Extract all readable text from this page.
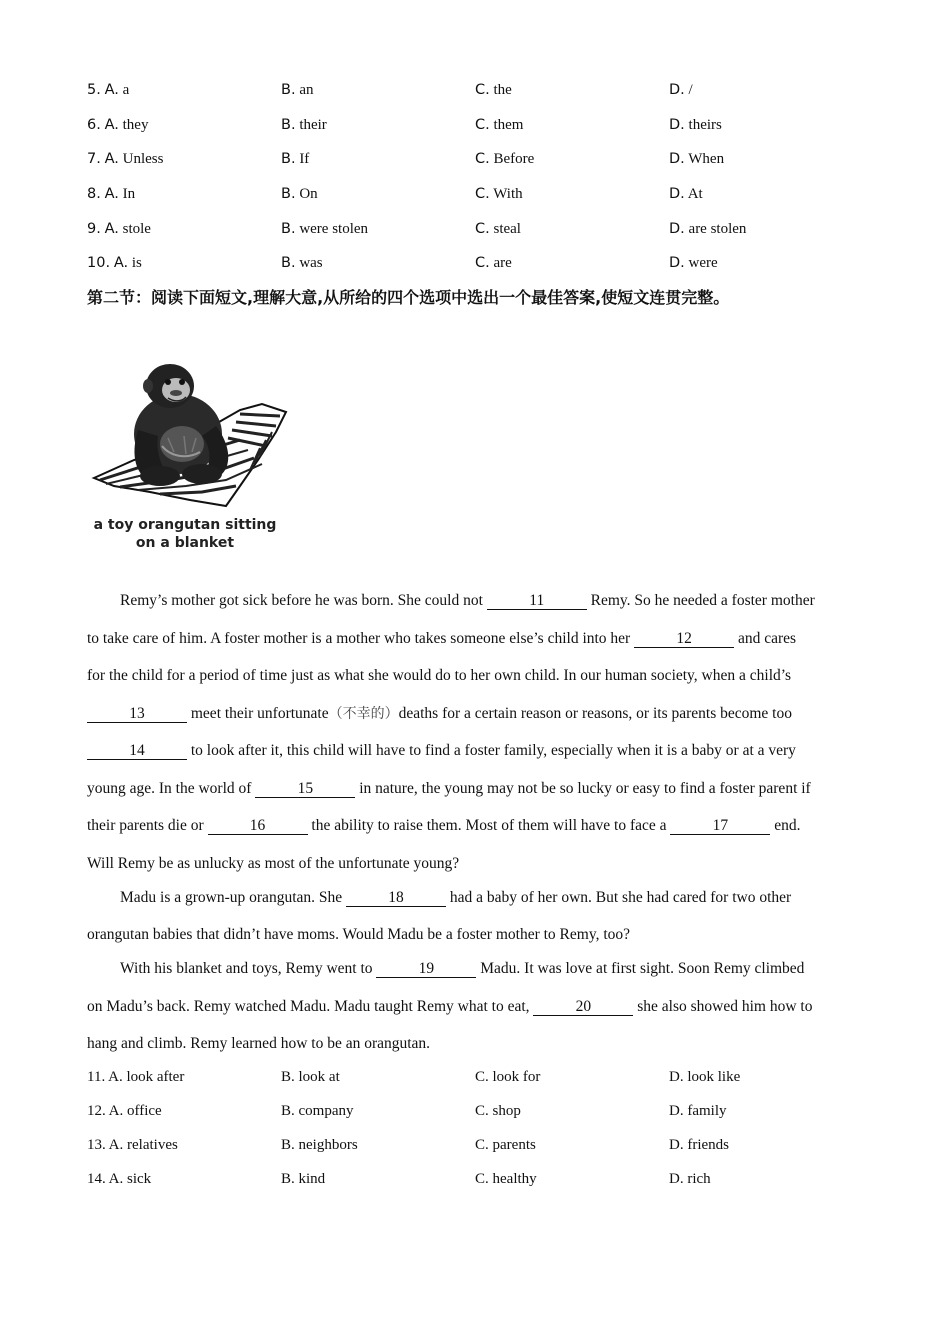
5. A. a	B. an	C. the	D. /
6. A. they	B. their	C. them	D. theirs
7. A. Unless	B. If	C. Before	D. When
8. A. In	B. On	C. With	D. At
9. A. stole	B. were stolen	C. steal	D. are stolen
10. A. is	B. was	C. are	D. were
第二节：阅读下面短文,理解大意,从所给的四个选项中选出一个最佳答案,使短文连贯完整。
a toy orangutan sitting
on a blanket
Remy’s mother got sick before he was born. She could not	11	Remy. So he needed a foster mother
to take care of him. A foster mother is a mother who takes someone else’s child into her	12	and cares
for the child for a period of time just as what she would do to her own child. In our human society, when a child’s
13	meet their unfortunate（不幸的）deaths for a certain reason or reasons, or its parents become too
14	to look after it, this child will have to find a foster family, especially when it is a baby or at a very
young age. In the world of	15	in nature, the young may not be so lucky or easy to find a foster parent if
their parents die or	16	the ability to raise them. Most of them will have to face a	17	end.
Will Remy be as unlucky as most of the unfortunate young?
Madu is a grown-up orangutan. She	18	had a baby of her own. But she had cared for two other
orangutan babies that didn’t have moms. Would Madu be a foster mother to Remy, too?
With his blanket and toys, Remy went to	19	Madu. It was love at first sight. Soon Remy climbed
on Madu’s back. Remy watched Madu. Madu taught Remy what to eat,	20	she also showed him how to
hang and climb. Remy learned how to be an orangutan.
11. A. look after	B. look at	C. look for	D. look like
12. A. office	B. company	C. shop	D. family
13. A. relatives	B. neighbors	C. parents	D. friends
14. A. sick	B. kind	C. healthy	D. rich
